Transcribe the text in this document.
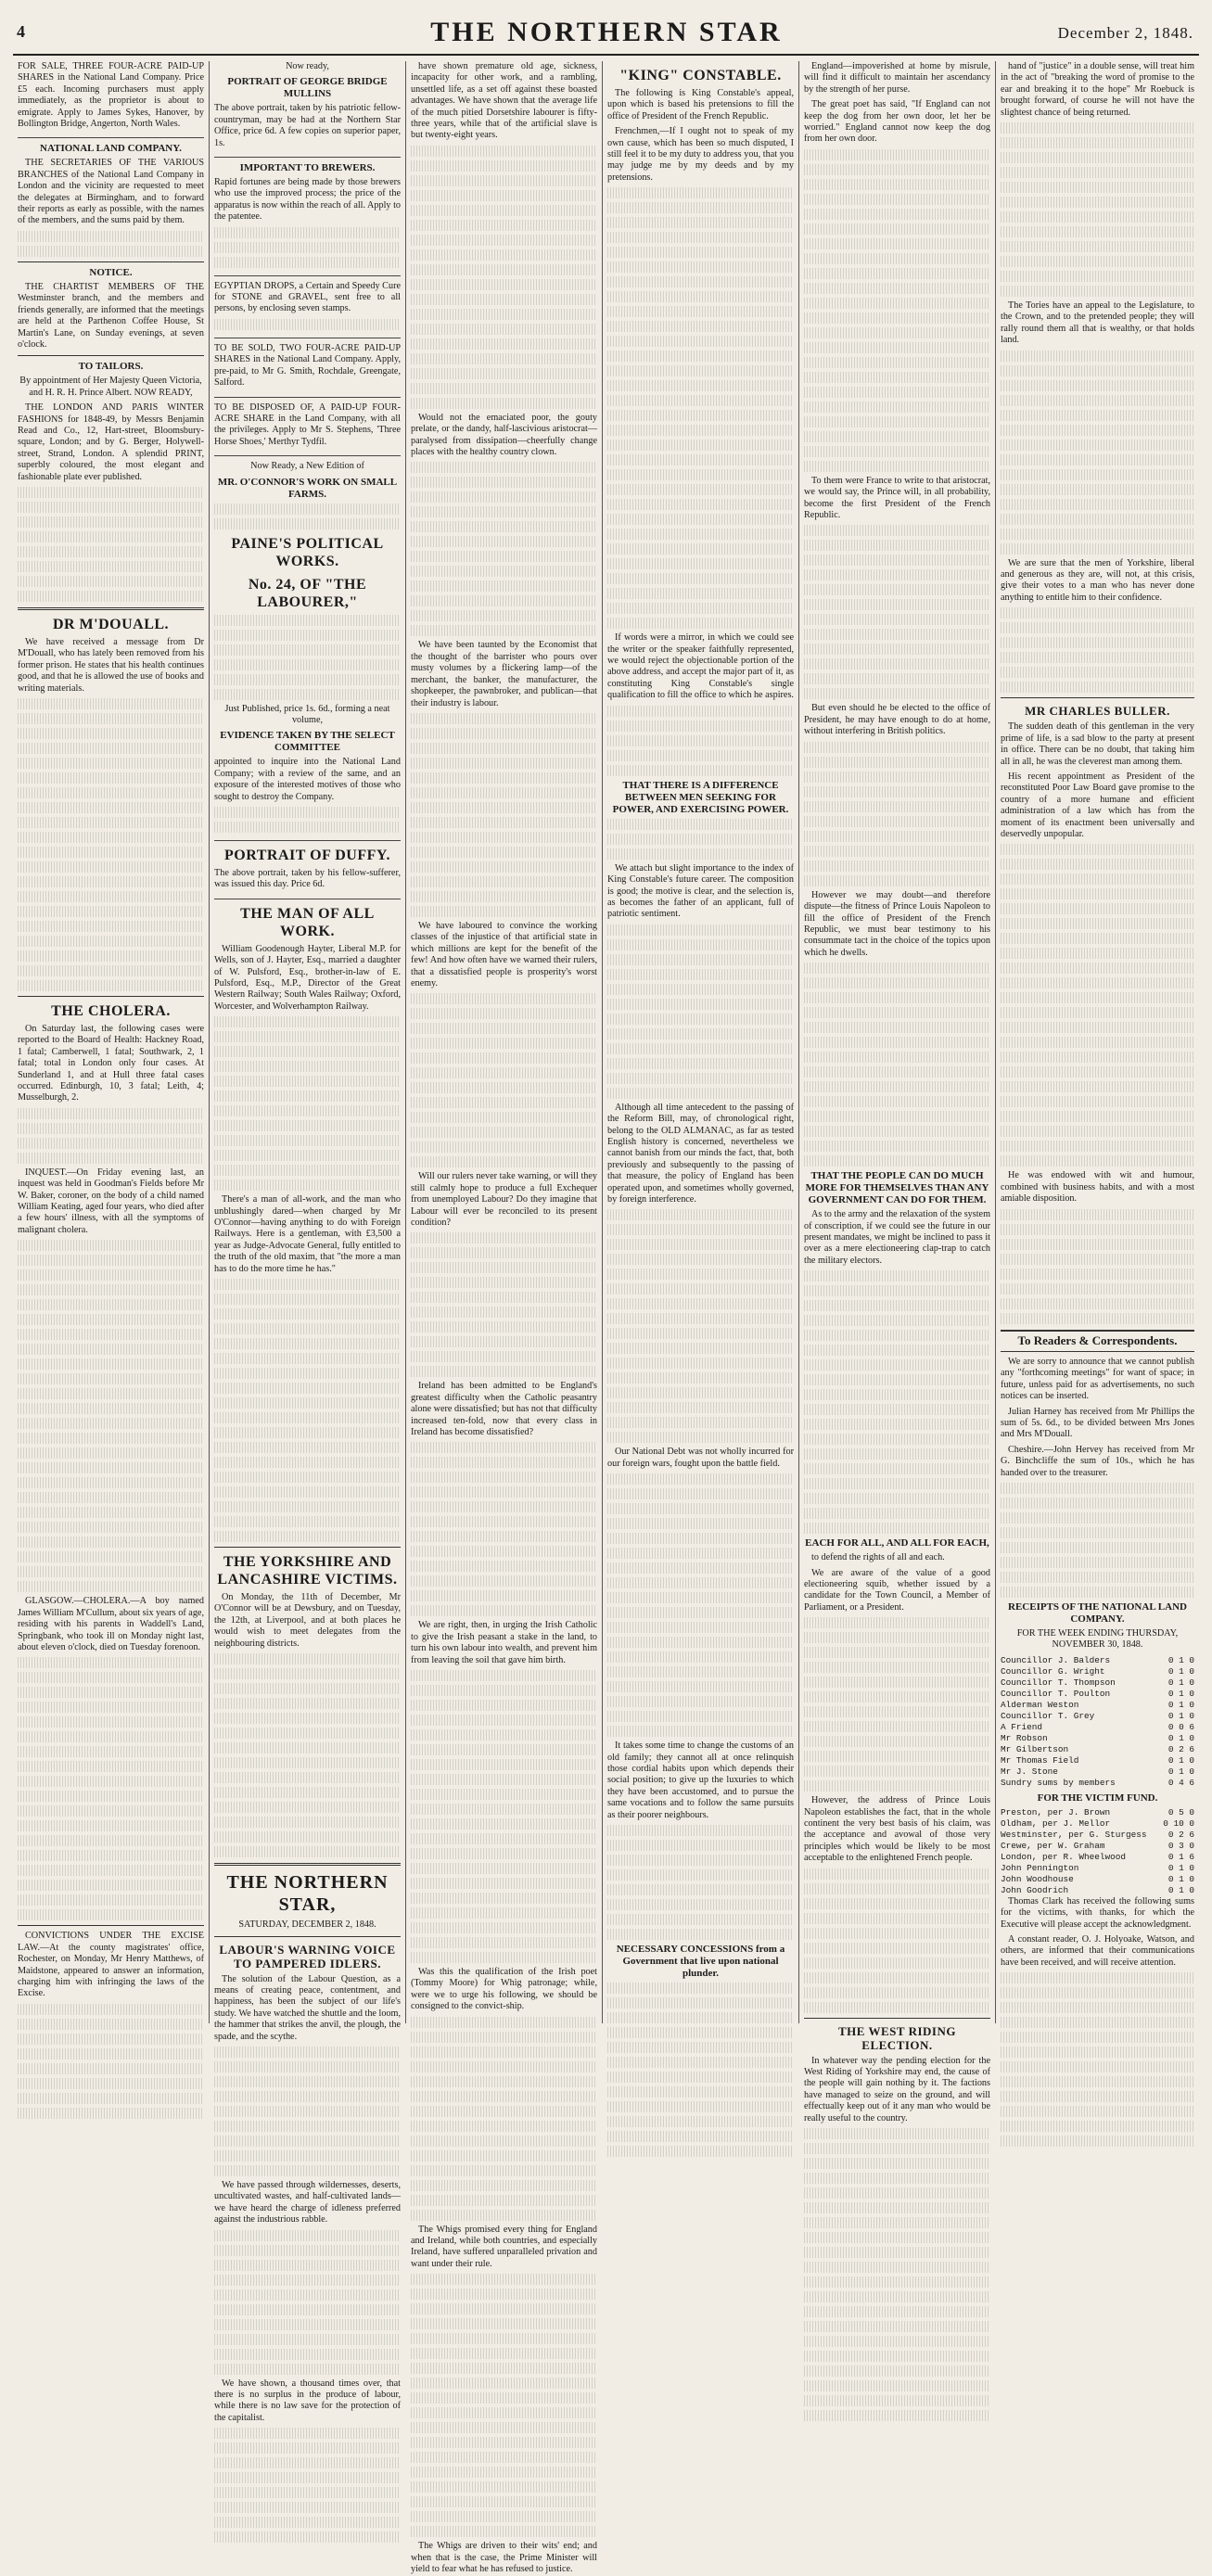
4	THE NORTHERN STAR	December 2, 1848.

FOR SALE, THREE FOUR-ACRE PAID-UP SHARES in the National Land Company. Price £5 each. Incoming purchasers must apply immediately, as the proprietor is about to emigrate. Apply to James Sykes, Hanover, by Bollington Bridge, Angerton, North Wales.

NATIONAL LAND COMPANY.

THE SECRETARIES OF THE VARIOUS BRANCHES of the National Land Company in London and the vicinity are requested to meet the delegates at Birmingham, and to forward their reports as early as possible, with the names of the members, and the sums paid by them.

NOTICE.

THE CHARTIST MEMBERS OF THE Westminster branch, and the members and friends generally, are informed that the meetings are held at the Parthenon Coffee House, St Martin's Lane, on Sunday evenings, at seven o'clock.

TO TAILORS.

By appointment of Her Majesty Queen Victoria, and H. R. H. Prince Albert. NOW READY,

THE LONDON AND PARIS WINTER FASHIONS for 1848-49, by Messrs Benjamin Read and Co., 12, Hart-street, Bloomsbury-square, London; and by G. Berger, Holywell-street, Strand, London. A splendid PRINT, superbly coloured, the most elegant and fashionable plate ever published.

DR M'DOUALL.

We have received a message from Dr M'Douall, who has lately been removed from his former prison. He states that his health continues good, and that he is allowed the use of books and writing materials.

THE CHOLERA.

On Saturday last, the following cases were reported to the Board of Health: Hackney Road, 1 fatal; Camberwell, 1 fatal; Southwark, 2, 1 fatal; total in London only four cases. At Sunderland 1, and at Hull three fatal cases occurred. Edinburgh, 10, 3 fatal; Leith, 4; Musselburgh, 2.

INQUEST.—On Friday evening last, an inquest was held in Goodman's Fields before Mr W. Baker, coroner, on the body of a child named William Keating, aged four years, who died after a few hours' illness, with all the symptoms of malignant cholera.

GLASGOW.—CHOLERA.—A boy named James William M'Cullum, about six years of age, residing with his parents in Waddell's Land, Springbank, who took ill on Monday night last, about eleven o'clock, died on Tuesday forenoon.

CONVICTIONS UNDER THE EXCISE LAW.—At the county magistrates' office, Rochester, on Monday, Mr Henry Matthews, of Maidstone, appeared to answer an information, charging him with infringing the laws of the Excise.

Now ready,

PORTRAIT OF GEORGE BRIDGE MULLINS

The above portrait, taken by his patriotic fellow-countryman, may be had at the Northern Star Office, price 6d. A few copies on superior paper, 1s.

IMPORTANT TO BREWERS.

Rapid fortunes are being made by those brewers who use the improved process; the price of the apparatus is now within the reach of all. Apply to the patentee.

EGYPTIAN DROPS, a Certain and Speedy Cure for STONE and GRAVEL, sent free to all persons, by enclosing seven stamps.

TO BE SOLD, TWO FOUR-ACRE PAID-UP SHARES in the National Land Company. Apply, pre-paid, to Mr G. Smith, Rochdale, Greengate, Salford.

TO BE DISPOSED OF, A PAID-UP FOUR-ACRE SHARE in the Land Company, with all the privileges. Apply to Mr S. Stephens, 'Three Horse Shoes,' Merthyr Tydfil.

Now Ready, a New Edition of

MR. O'CONNOR'S WORK ON SMALL FARMS.
PAINE'S POLITICAL WORKS.
No. 24, OF "THE LABOURER,"

Just Published, price 1s. 6d., forming a neat volume,

EVIDENCE TAKEN BY THE SELECT COMMITTEE

appointed to inquire into the National Land Company; with a review of the same, and an exposure of the interested motives of those who sought to destroy the Company.

PORTRAIT OF DUFFY.

The above portrait, taken by his fellow-sufferer, was issued this day. Price 6d.

THE MAN OF ALL WORK.

William Goodenough Hayter, Liberal M.P. for Wells, son of J. Hayter, Esq., married a daughter of W. Pulsford, Esq., brother-in-law of E. Pulsford, Esq., M.P., Director of the Great Western Railway; South Wales Railway; Oxford, Worcester, and Wolverhampton Railway.

There's a man of all-work, and the man who unblushingly dared—when charged by Mr O'Connor—having anything to do with Foreign Railways. Here is a gentleman, with £3,500 a year as Judge-Advocate General, fully entitled to the truth of the old maxim, that "the more a man has to do the more time he has."

THE YORKSHIRE AND LANCASHIRE VICTIMS.

On Monday, the 11th of December, Mr O'Connor will be at Dewsbury, and on Tuesday, the 12th, at Liverpool, and at both places he would wish to meet delegates from the neighbouring districts.

THE NORTHERN STAR,

SATURDAY, DECEMBER 2, 1848.

LABOUR'S WARNING VOICE TO PAMPERED IDLERS.

The solution of the Labour Question, as a means of creating peace, contentment, and happiness, has been the subject of our life's study. We have watched the shuttle and the loom, the hammer that strikes the anvil, the plough, the spade, and the scythe.

We have passed through wildernesses, deserts, uncultivated wastes, and half-cultivated lands—we have heard the charge of idleness preferred against the industrious rabble.

We have shown, a thousand times over, that there is no surplus in the produce of labour, while there is no law save for the protection of the capitalist.

have shown premature old age, sickness, incapacity for other work, and a rambling, unsettled life, as a set off against these boasted advantages. We have shown that the average life of the much pitied Dorsetshire labourer is fifty-three years, while that of the artificial slave is but twenty-eight years.

Would not the emaciated poor, the gouty prelate, or the dandy, half-lascivious aristocrat—paralysed from dissipation—cheerfully change places with the healthy country clown.

We have been taunted by the Economist that the thought of the barrister who pours over musty volumes by a flickering lamp—of the merchant, the banker, the manufacturer, the shopkeeper, the pawnbroker, and publican—that their industry is labour.

We have laboured to convince the working classes of the injustice of that artificial state in which millions are kept for the benefit of the few! And how often have we warned their rulers, that a dissatisfied people is prosperity's worst enemy.

Will our rulers never take warning, or will they still calmly hope to produce a full Exchequer from unemployed Labour? Do they imagine that Labour will ever be reconciled to its present condition?

Ireland has been admitted to be England's greatest difficulty when the Catholic peasantry alone were dissatisfied; but has not that difficulty increased ten-fold, now that every class in Ireland has become dissatisfied?

We are right, then, in urging the Irish Catholic to give the Irish peasant a stake in the land, to turn his own labour into wealth, and prevent him from leaving the soil that gave him birth.

Was this the qualification of the Irish poet (Tommy Moore) for Whig patronage; while, were we to urge his following, we should be consigned to the convict-ship.

The Whigs promised every thing for England and Ireland, while both countries, and especially Ireland, have suffered unparalleled privation and want under their rule.

The Whigs are driven to their wits' end; and when that is the case, the Prime Minister will yield to fear what he has refused to justice.

"KING" CONSTABLE.

The following is King Constable's appeal, upon which is based his pretensions to fill the office of President of the French Republic.

Frenchmen,—If I ought not to speak of my own cause, which has been so much disputed, I still feel it to be my duty to address you, that you may judge me by my deeds and by my pretensions.

If words were a mirror, in which we could see the writer or the speaker faithfully represented, we would reject the objectionable portion of the above address, and accept the major part of it, as constituting King Constable's single qualification to fill the office to which he aspires.

THAT THERE IS A DIFFERENCE BETWEEN MEN SEEKING FOR POWER, AND EXERCISING POWER.

We attach but slight importance to the index of King Constable's future career. The composition is good; the motive is clear, and the selection is, as becomes the father of an applicant, full of patriotic sentiment.

Although all time antecedent to the passing of the Reform Bill, may, of chronological right, belong to the OLD ALMANAC, as far as tested English history is concerned, nevertheless we cannot banish from our minds the fact, that, both previously and subsequently to the passing of that measure, the policy of England has been operated upon, and sometimes wholly governed, by foreign interference.

Our National Debt was not wholly incurred for our foreign wars, fought upon the battle field.

It takes some time to change the customs of an old family; they cannot all at once relinquish those cordial habits upon which depends their social position; to give up the luxuries to which they have been accustomed, and to pursue the same vocations and to follow the same pursuits as their poorer neighbours.

NECESSARY CONCESSIONS from a Government that live upon national plunder.

England—impoverished at home by misrule, will find it difficult to maintain her ascendancy by the strength of her purse.

The great poet has said, "If England can not keep the dog from her own door, let her be worried." England cannot now keep the dog from her own door.

To them were France to write to that aristocrat, we would say, the Prince will, in all probability, become the first President of the French Republic.

But even should he be elected to the office of President, he may have enough to do at home, without interfering in British politics.

However we may doubt—and therefore dispute—the fitness of Prince Louis Napoleon to fill the office of President of the French Republic, we must bear testimony to his consummate tact in the choice of the topics upon which he dwells.

THAT THE PEOPLE CAN DO MUCH MORE FOR THEMSELVES THAN ANY GOVERNMENT CAN DO FOR THEM.

As to the army and the relaxation of the system of conscription, if we could see the future in our present mandates, we might be inclined to pass it over as a mere electioneering clap-trap to catch the military electors.

EACH FOR ALL, AND ALL FOR EACH,

to defend the rights of all and each.

We are aware of the value of a good electioneering squib, whether issued by a candidate for the Town Council, a Member of Parliament, or a President.

However, the address of Prince Louis Napoleon establishes the fact, that in the whole continent the very best basis of his claim, was the acceptance and avowal of those very principles which would be likely to be most acceptable to the enlightened French people.

THE WEST RIDING ELECTION.

In whatever way the pending election for the West Riding of Yorkshire may end, the cause of the people will gain nothing by it. The factions have managed to seize on the ground, and will effectually keep out of it any man who would be really useful to the country.

hand of "justice" in a double sense, will treat him in the act of "breaking the word of promise to the ear and breaking it to the hope" Mr Roebuck is brought forward, of course he will not have the slightest chance of being returned.

The Tories have an appeal to the Legislature, to the Crown, and to the pretended people; they will rally round them all that is wealthy, or that holds land.

We are sure that the men of Yorkshire, liberal and generous as they are, will not, at this crisis, give their votes to a man who has never done anything to entitle him to their confidence.

MR CHARLES BULLER.

The sudden death of this gentleman in the very prime of life, is a sad blow to the party at present in office. There can be no doubt, that taking him all in all, he was the cleverest man among them.

His recent appointment as President of the reconstituted Poor Law Board gave promise to the country of a more humane and efficient administration of a law which has from the moment of its enactment been universally and deservedly unpopular.

He was endowed with wit and humour, combined with business habits, and with a most amiable disposition.

To Readers & Correspondents.

We are sorry to announce that we cannot publish any "forthcoming meetings" for want of space; in future, unless paid for as advertisements, no such notices can be inserted.

Julian Harney has received from Mr Phillips the sum of 5s. 6d., to be divided between Mrs Jones and Mrs M'Douall.

Cheshire.—John Hervey has received from Mr G. Binchcliffe the sum of 10s., which he has handed over to the treasurer.

RECEIPTS OF THE NATIONAL LAND COMPANY.

FOR THE WEEK ENDING THURSDAY, NOVEMBER 30, 1848.

Councillor J. Balders	0 1 0
Councillor G. Wright	0 1 0
Councillor T. Thompson	0 1 0
Councillor T. Poulton	0 1 0
Alderman Weston	0 1 0
Councillor T. Grey	0 1 0
A Friend	0 0 6
Mr Robson	0 1 0
Mr Gilbertson	0 2 6
Mr Thomas Field	0 1 0
Mr J. Stone	0 1 0
Sundry sums by members	0 4 6
FOR THE VICTIM FUND.
Preston, per J. Brown	0 5 0
Oldham, per J. Mellor	0 10 0
Westminster, per G. Sturgess 0 2 6
Crewe, per W. Graham	0 3 0
London, per R. Wheelwood	0 1 6
John Pennington	0 1 0
John Woodhouse	0 1 0
John Goodrich	0 1 0

Thomas Clark has received the following sums for the victims, with thanks, for which the Executive will please accept the acknowledgment.

A constant reader, O. J. Holyoake, Watson, and others, are informed that their communications have been received, and will receive attention.
